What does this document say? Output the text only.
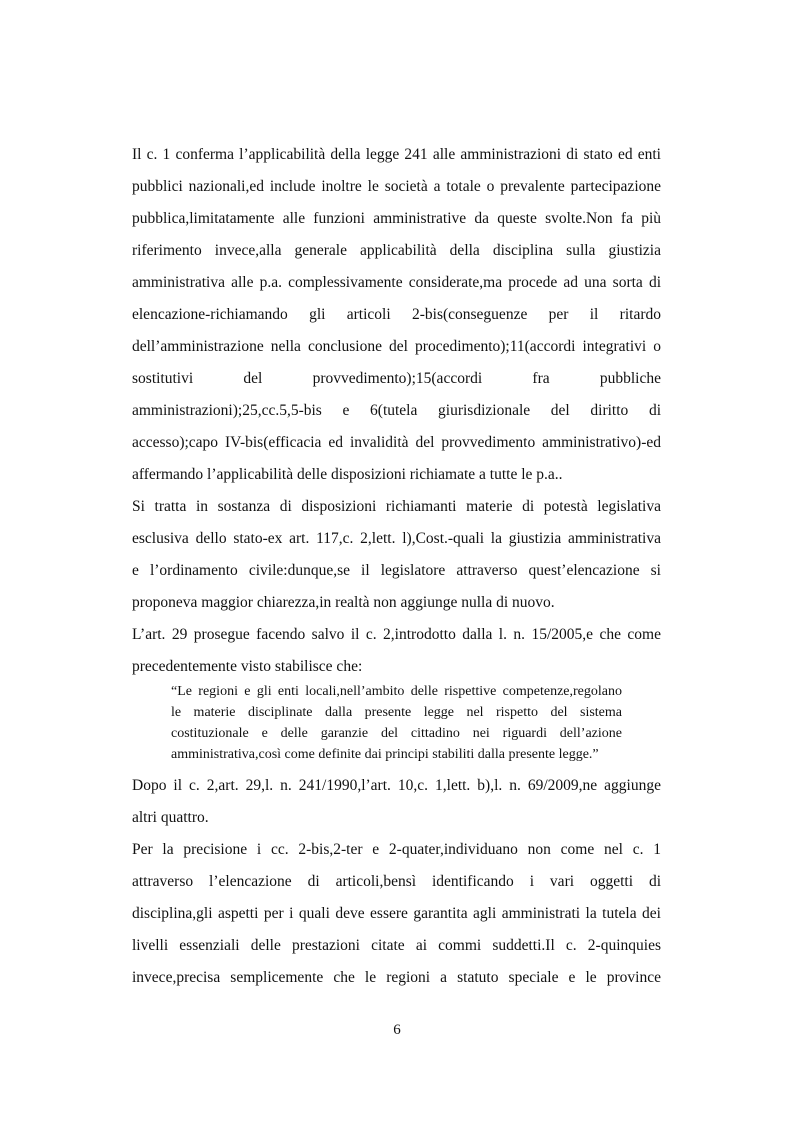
Il c. 1 conferma l’applicabilità della legge 241 alle amministrazioni di stato ed enti
pubblici nazionali,ed include inoltre le società a totale o prevalente partecipazione
pubblica,limitatamente alle funzioni amministrative da queste svolte.Non fa più
riferimento invece,alla generale applicabilità della disciplina sulla giustizia
amministrativa alle p.a. complessivamente considerate,ma procede ad una sorta di
elencazione-richiamando gli articoli 2-bis(conseguenze per il ritardo
dell’amministrazione nella conclusione del procedimento);11(accordi integrativi o
sostitutivi del provvedimento);15(accordi fra pubbliche
amministrazioni);25,cc.5,5-bis e 6(tutela giurisdizionale del diritto di
accesso);capo IV-bis(efficacia ed invalidità del provvedimento amministrativo)-ed
affermando l’applicabilità delle disposizioni richiamate a tutte le p.a..
Si tratta in sostanza di disposizioni richiamanti materie di potestà legislativa
esclusiva dello stato-ex art. 117,c. 2,lett. l),Cost.-quali la giustizia amministrativa
e l’ordinamento civile:dunque,se il legislatore attraverso quest’elencazione si
proponeva maggior chiarezza,in realtà non aggiunge nulla di nuovo.
L’art. 29 prosegue facendo salvo il c. 2,introdotto dalla l. n. 15/2005,e che come
precedentemente visto stabilisce che:
“Le regioni e gli enti locali,nell’ambito delle rispettive competenze,regolano
le materie disciplinate dalla presente legge nel rispetto del sistema
costituzionale e delle garanzie del cittadino nei riguardi dell’azione
amministrativa,così come definite dai principi stabiliti dalla presente legge.”
Dopo il c. 2,art. 29,l. n. 241/1990,l’art. 10,c. 1,lett. b),l. n. 69/2009,ne aggiunge
altri quattro.
Per la precisione i cc. 2-bis,2-ter e 2-quater,individuano non come nel c. 1
attraverso l’elencazione di articoli,bensì identificando i vari oggetti di
disciplina,gli aspetti per i quali deve essere garantita agli amministrati la tutela dei
livelli essenziali delle prestazioni citate ai commi suddetti.Il c. 2-quinquies
invece,precisa semplicemente che le regioni a statuto speciale e le province
6
